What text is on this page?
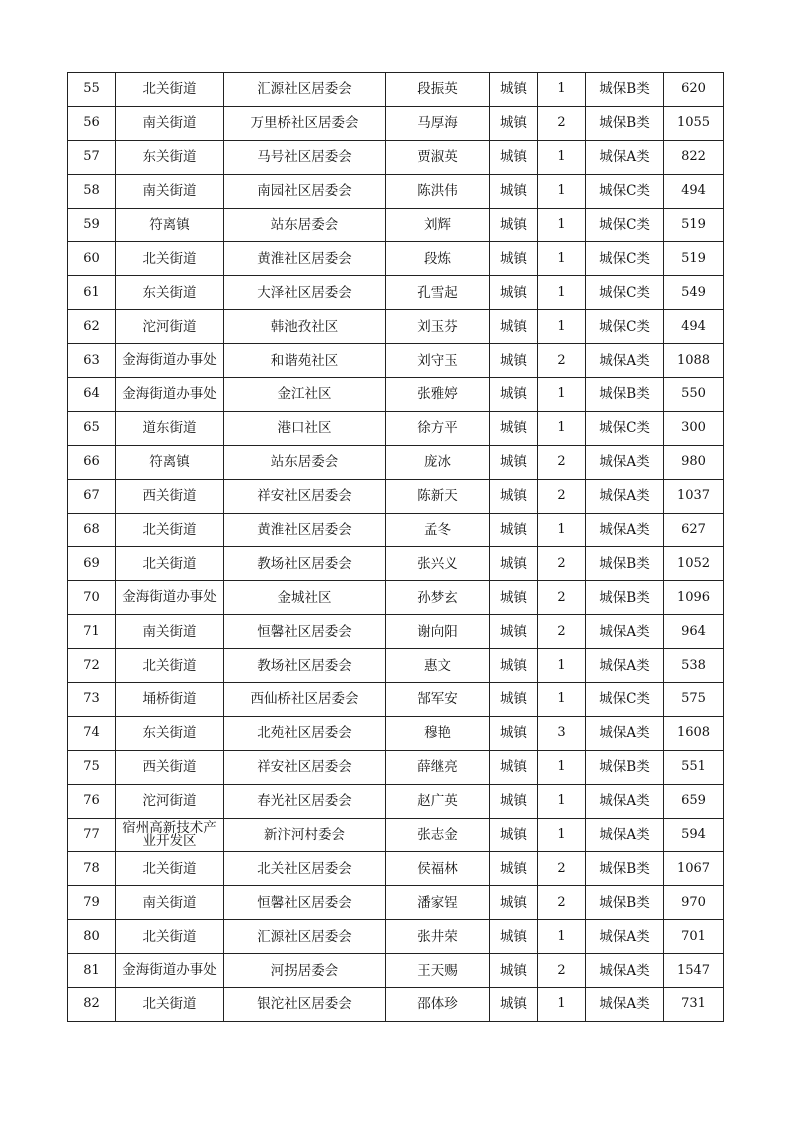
55	北关街道	汇源社区居委会	段振英	城镇	1	城保B类	620
56	南关街道	万里桥社区居委会	马厚海	城镇	2	城保B类	1055
57	东关街道	马号社区居委会	贾淑英	城镇	1	城保A类	822
58	南关街道	南园社区居委会	陈洪伟	城镇	1	城保C类	494
59	符离镇	站东居委会	刘辉	城镇	1	城保C类	519
60	北关街道	黄淮社区居委会	段炼	城镇	1	城保C类	519
61	东关街道	大泽社区居委会	孔雪起	城镇	1	城保C类	549
62	沱河街道	韩池孜社区	刘玉芬	城镇	1	城保C类	494
63	金海街道办事处	和谐苑社区	刘守玉	城镇	2	城保A类	1088
64	金海街道办事处	金江社区	张雅婷	城镇	1	城保B类	550
65	道东街道	港口社区	徐方平	城镇	1	城保C类	300
66	符离镇	站东居委会	庞冰	城镇	2	城保A类	980
67	西关街道	祥安社区居委会	陈新天	城镇	2	城保A类	1037
68	北关街道	黄淮社区居委会	孟冬	城镇	1	城保A类	627
69	北关街道	教场社区居委会	张兴义	城镇	2	城保B类	1052
70	金海街道办事处	金城社区	孙梦玄	城镇	2	城保B类	1096
71	南关街道	恒馨社区居委会	谢向阳	城镇	2	城保A类	964
72	北关街道	教场社区居委会	惠文	城镇	1	城保A类	538
73	埇桥街道	西仙桥社区居委会	郜军安	城镇	1	城保C类	575
74	东关街道	北苑社区居委会	穆艳	城镇	3	城保A类	1608
75	西关街道	祥安社区居委会	薛继亮	城镇	1	城保B类	551
76	沱河街道	春光社区居委会	赵广英	城镇	1	城保A类	659
77	宿州高新技术产业开发区	新汴河村委会	张志金	城镇	1	城保A类	594
78	北关街道	北关社区居委会	侯福林	城镇	2	城保B类	1067
79	南关街道	恒馨社区居委会	潘家锃	城镇	2	城保B类	970
80	北关街道	汇源社区居委会	张井荣	城镇	1	城保A类	701
81	金海街道办事处	河拐居委会	王天赐	城镇	2	城保A类	1547
82	北关街道	银沱社区居委会	邵体珍	城镇	1	城保A类	731
